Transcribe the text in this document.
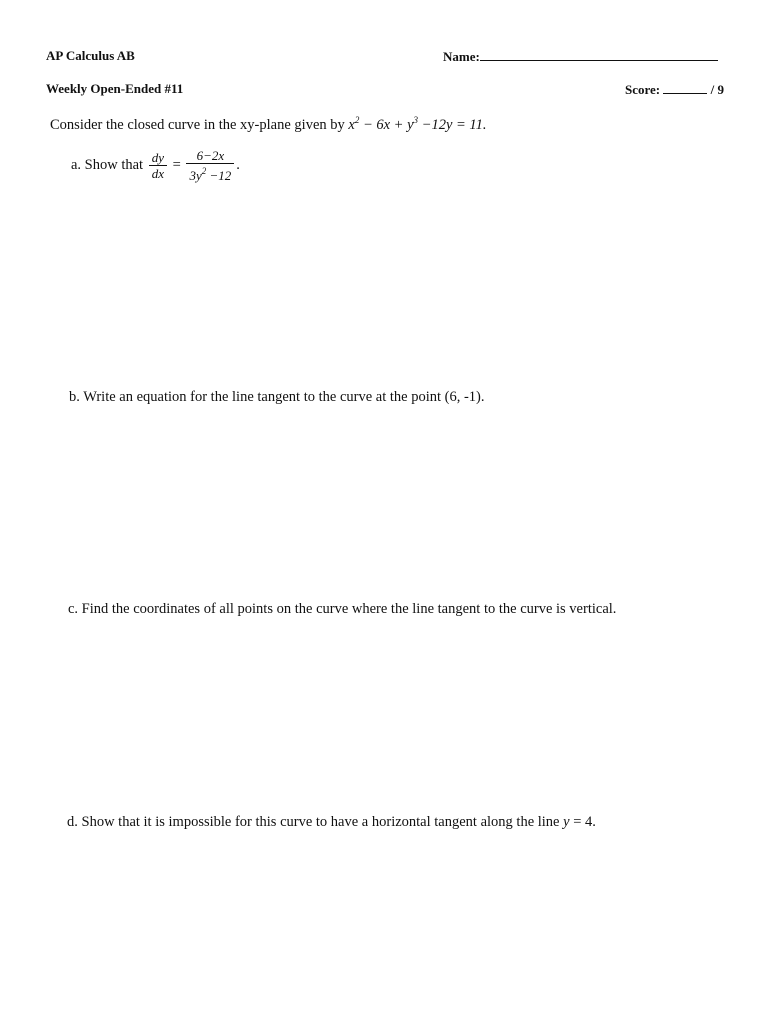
AP Calculus AB	Name:
Weekly Open-Ended #11	Score:	/ 9
Consider the closed curve in the xy-plane given by $x^2 - 6x + y^3 -12y = 11$.
a. Show that $\frac{dy}{dx} = \frac{6-2x}{3y^2 -12}$ .
b. Write an equation for the line tangent to the curve at the point (6, -1).
c. Find the coordinates of all points on the curve where the line tangent to the curve is vertical.
d. Show that it is impossible for this curve to have a horizontal tangent along the line y = 4.
